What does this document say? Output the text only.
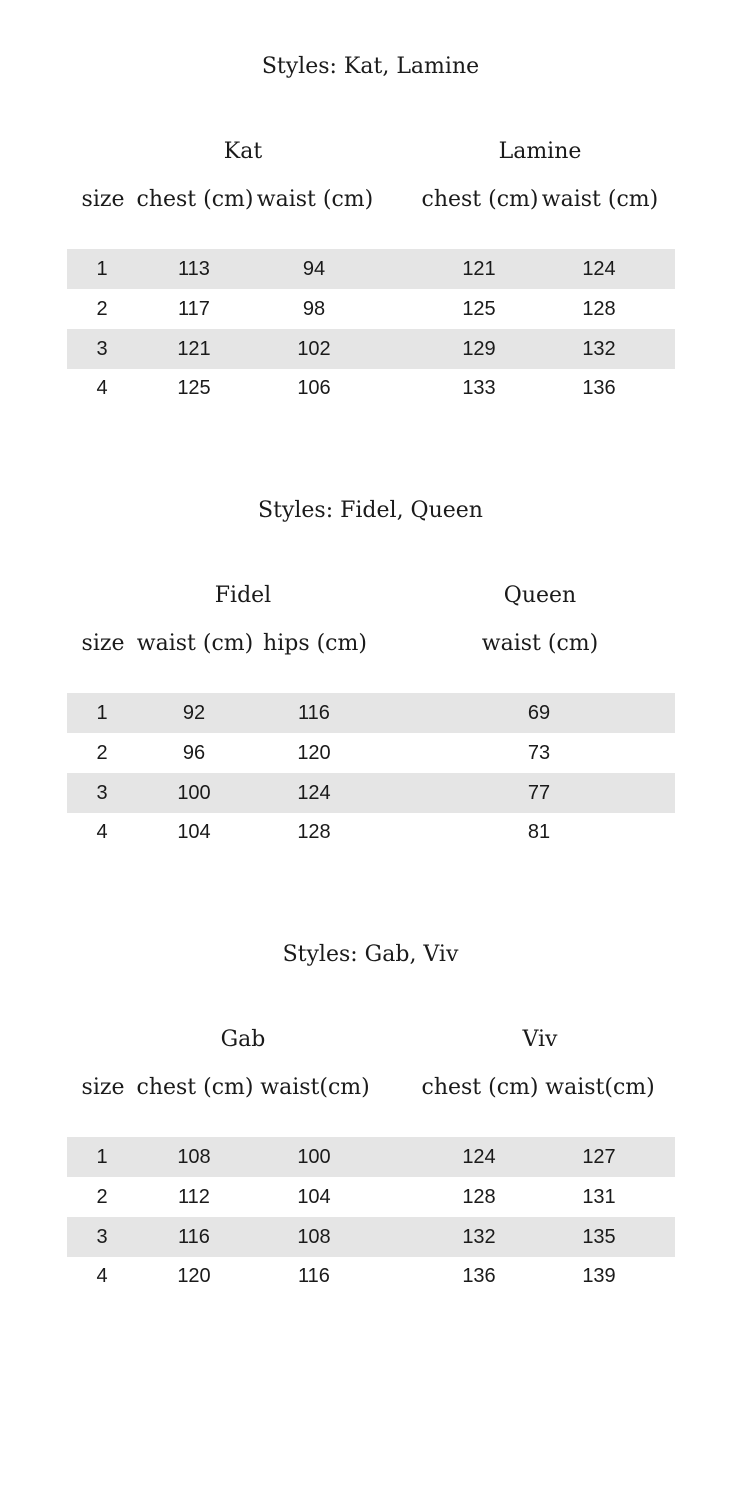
Styles: Kat, Lamine
Kat	Lamine
size chest (cm) waist (cm)	chest (cm) waist (cm)
1	113	94	121	124
2	117	98	125	128
3	121	102	129	132
4	125	106	133	136
Styles: Fidel, Queen
Fidel	Queen
size waist (cm) hips (cm)	waist (cm)
1	92	116	69
2	96	120	73
3	100	124	77
4	104	128	81
Styles: Gab, Viv
Gab	Viv
size chest (cm) waist(cm)	chest (cm) waist(cm)
1	108	100	124	127
2	112	104	128	131
3	116	108	132	135
4	120	116	136	139
